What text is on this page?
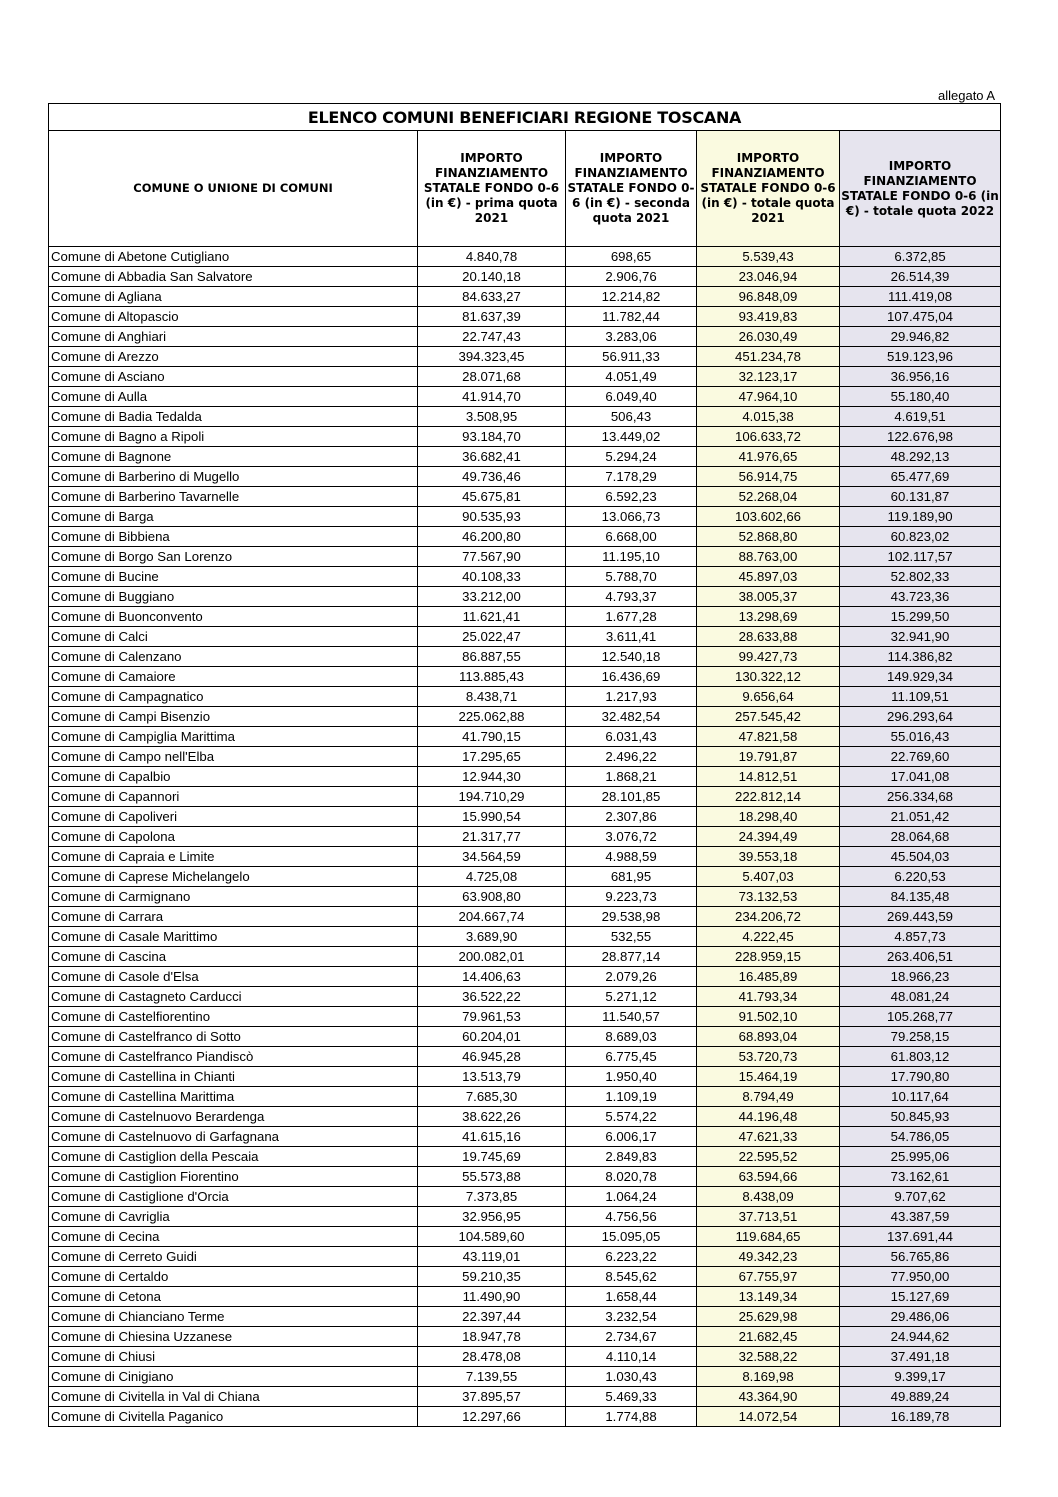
allegato A
ELENCO COMUNI BENEFICIARI REGIONE TOSCANA				
COMUNE O UNIONE DI COMUNI	IMPORTO FINANZIAMENTO STATALE FONDO 0-6 (in €) - prima quota 2021	IMPORTO FINANZIAMENTO STATALE FONDO 0-6 (in €) - seconda quota 2021	IMPORTO FINANZIAMENTO STATALE FONDO 0-6 (in €) - totale quota 2021	IMPORTO FINANZIAMENTO STATALE FONDO 0-6 (in €) - totale quota 2022
Comune di Abetone Cutigliano	4.840,78	698,65	5.539,43	6.372,85
Comune di Abbadia San Salvatore	20.140,18	2.906,76	23.046,94	26.514,39
Comune di Agliana	84.633,27	12.214,82	96.848,09	111.419,08
Comune di Altopascio	81.637,39	11.782,44	93.419,83	107.475,04
Comune di Anghiari	22.747,43	3.283,06	26.030,49	29.946,82
Comune di Arezzo	394.323,45	56.911,33	451.234,78	519.123,96
Comune di Asciano	28.071,68	4.051,49	32.123,17	36.956,16
Comune di Aulla	41.914,70	6.049,40	47.964,10	55.180,40
Comune di Badia Tedalda	3.508,95	506,43	4.015,38	4.619,51
Comune di Bagno a Ripoli	93.184,70	13.449,02	106.633,72	122.676,98
Comune di Bagnone	36.682,41	5.294,24	41.976,65	48.292,13
Comune di Barberino di Mugello	49.736,46	7.178,29	56.914,75	65.477,69
Comune di Barberino Tavarnelle	45.675,81	6.592,23	52.268,04	60.131,87
Comune di Barga	90.535,93	13.066,73	103.602,66	119.189,90
Comune di Bibbiena	46.200,80	6.668,00	52.868,80	60.823,02
Comune di Borgo San Lorenzo	77.567,90	11.195,10	88.763,00	102.117,57
Comune di Bucine	40.108,33	5.788,70	45.897,03	52.802,33
Comune di Buggiano	33.212,00	4.793,37	38.005,37	43.723,36
Comune di Buonconvento	11.621,41	1.677,28	13.298,69	15.299,50
Comune di Calci	25.022,47	3.611,41	28.633,88	32.941,90
Comune di Calenzano	86.887,55	12.540,18	99.427,73	114.386,82
Comune di Camaiore	113.885,43	16.436,69	130.322,12	149.929,34
Comune di Campagnatico	8.438,71	1.217,93	9.656,64	11.109,51
Comune di Campi Bisenzio	225.062,88	32.482,54	257.545,42	296.293,64
Comune di Campiglia Marittima	41.790,15	6.031,43	47.821,58	55.016,43
Comune di Campo nell'Elba	17.295,65	2.496,22	19.791,87	22.769,60
Comune di Capalbio	12.944,30	1.868,21	14.812,51	17.041,08
Comune di Capannori	194.710,29	28.101,85	222.812,14	256.334,68
Comune di Capoliveri	15.990,54	2.307,86	18.298,40	21.051,42
Comune di Capolona	21.317,77	3.076,72	24.394,49	28.064,68
Comune di Capraia e Limite	34.564,59	4.988,59	39.553,18	45.504,03
Comune di Caprese Michelangelo	4.725,08	681,95	5.407,03	6.220,53
Comune di Carmignano	63.908,80	9.223,73	73.132,53	84.135,48
Comune di Carrara	204.667,74	29.538,98	234.206,72	269.443,59
Comune di Casale Marittimo	3.689,90	532,55	4.222,45	4.857,73
Comune di Cascina	200.082,01	28.877,14	228.959,15	263.406,51
Comune di Casole d'Elsa	14.406,63	2.079,26	16.485,89	18.966,23
Comune di Castagneto Carducci	36.522,22	5.271,12	41.793,34	48.081,24
Comune di Castelfiorentino	79.961,53	11.540,57	91.502,10	105.268,77
Comune di Castelfranco di Sotto	60.204,01	8.689,03	68.893,04	79.258,15
Comune di Castelfranco Piandiscò	46.945,28	6.775,45	53.720,73	61.803,12
Comune di Castellina in Chianti	13.513,79	1.950,40	15.464,19	17.790,80
Comune di Castellina Marittima	7.685,30	1.109,19	8.794,49	10.117,64
Comune di Castelnuovo Berardenga	38.622,26	5.574,22	44.196,48	50.845,93
Comune di Castelnuovo di Garfagnana	41.615,16	6.006,17	47.621,33	54.786,05
Comune di Castiglion della Pescaia	19.745,69	2.849,83	22.595,52	25.995,06
Comune di Castiglion Fiorentino	55.573,88	8.020,78	63.594,66	73.162,61
Comune di Castiglione d'Orcia	7.373,85	1.064,24	8.438,09	9.707,62
Comune di Cavriglia	32.956,95	4.756,56	37.713,51	43.387,59
Comune di Cecina	104.589,60	15.095,05	119.684,65	137.691,44
Comune di Cerreto Guidi	43.119,01	6.223,22	49.342,23	56.765,86
Comune di Certaldo	59.210,35	8.545,62	67.755,97	77.950,00
Comune di Cetona	11.490,90	1.658,44	13.149,34	15.127,69
Comune di Chianciano Terme	22.397,44	3.232,54	25.629,98	29.486,06
Comune di Chiesina Uzzanese	18.947,78	2.734,67	21.682,45	24.944,62
Comune di Chiusi	28.478,08	4.110,14	32.588,22	37.491,18
Comune di Cinigiano	7.139,55	1.030,43	8.169,98	9.399,17
Comune di Civitella in Val di Chiana	37.895,57	5.469,33	43.364,90	49.889,24
Comune di Civitella Paganico	12.297,66	1.774,88	14.072,54	16.189,78
